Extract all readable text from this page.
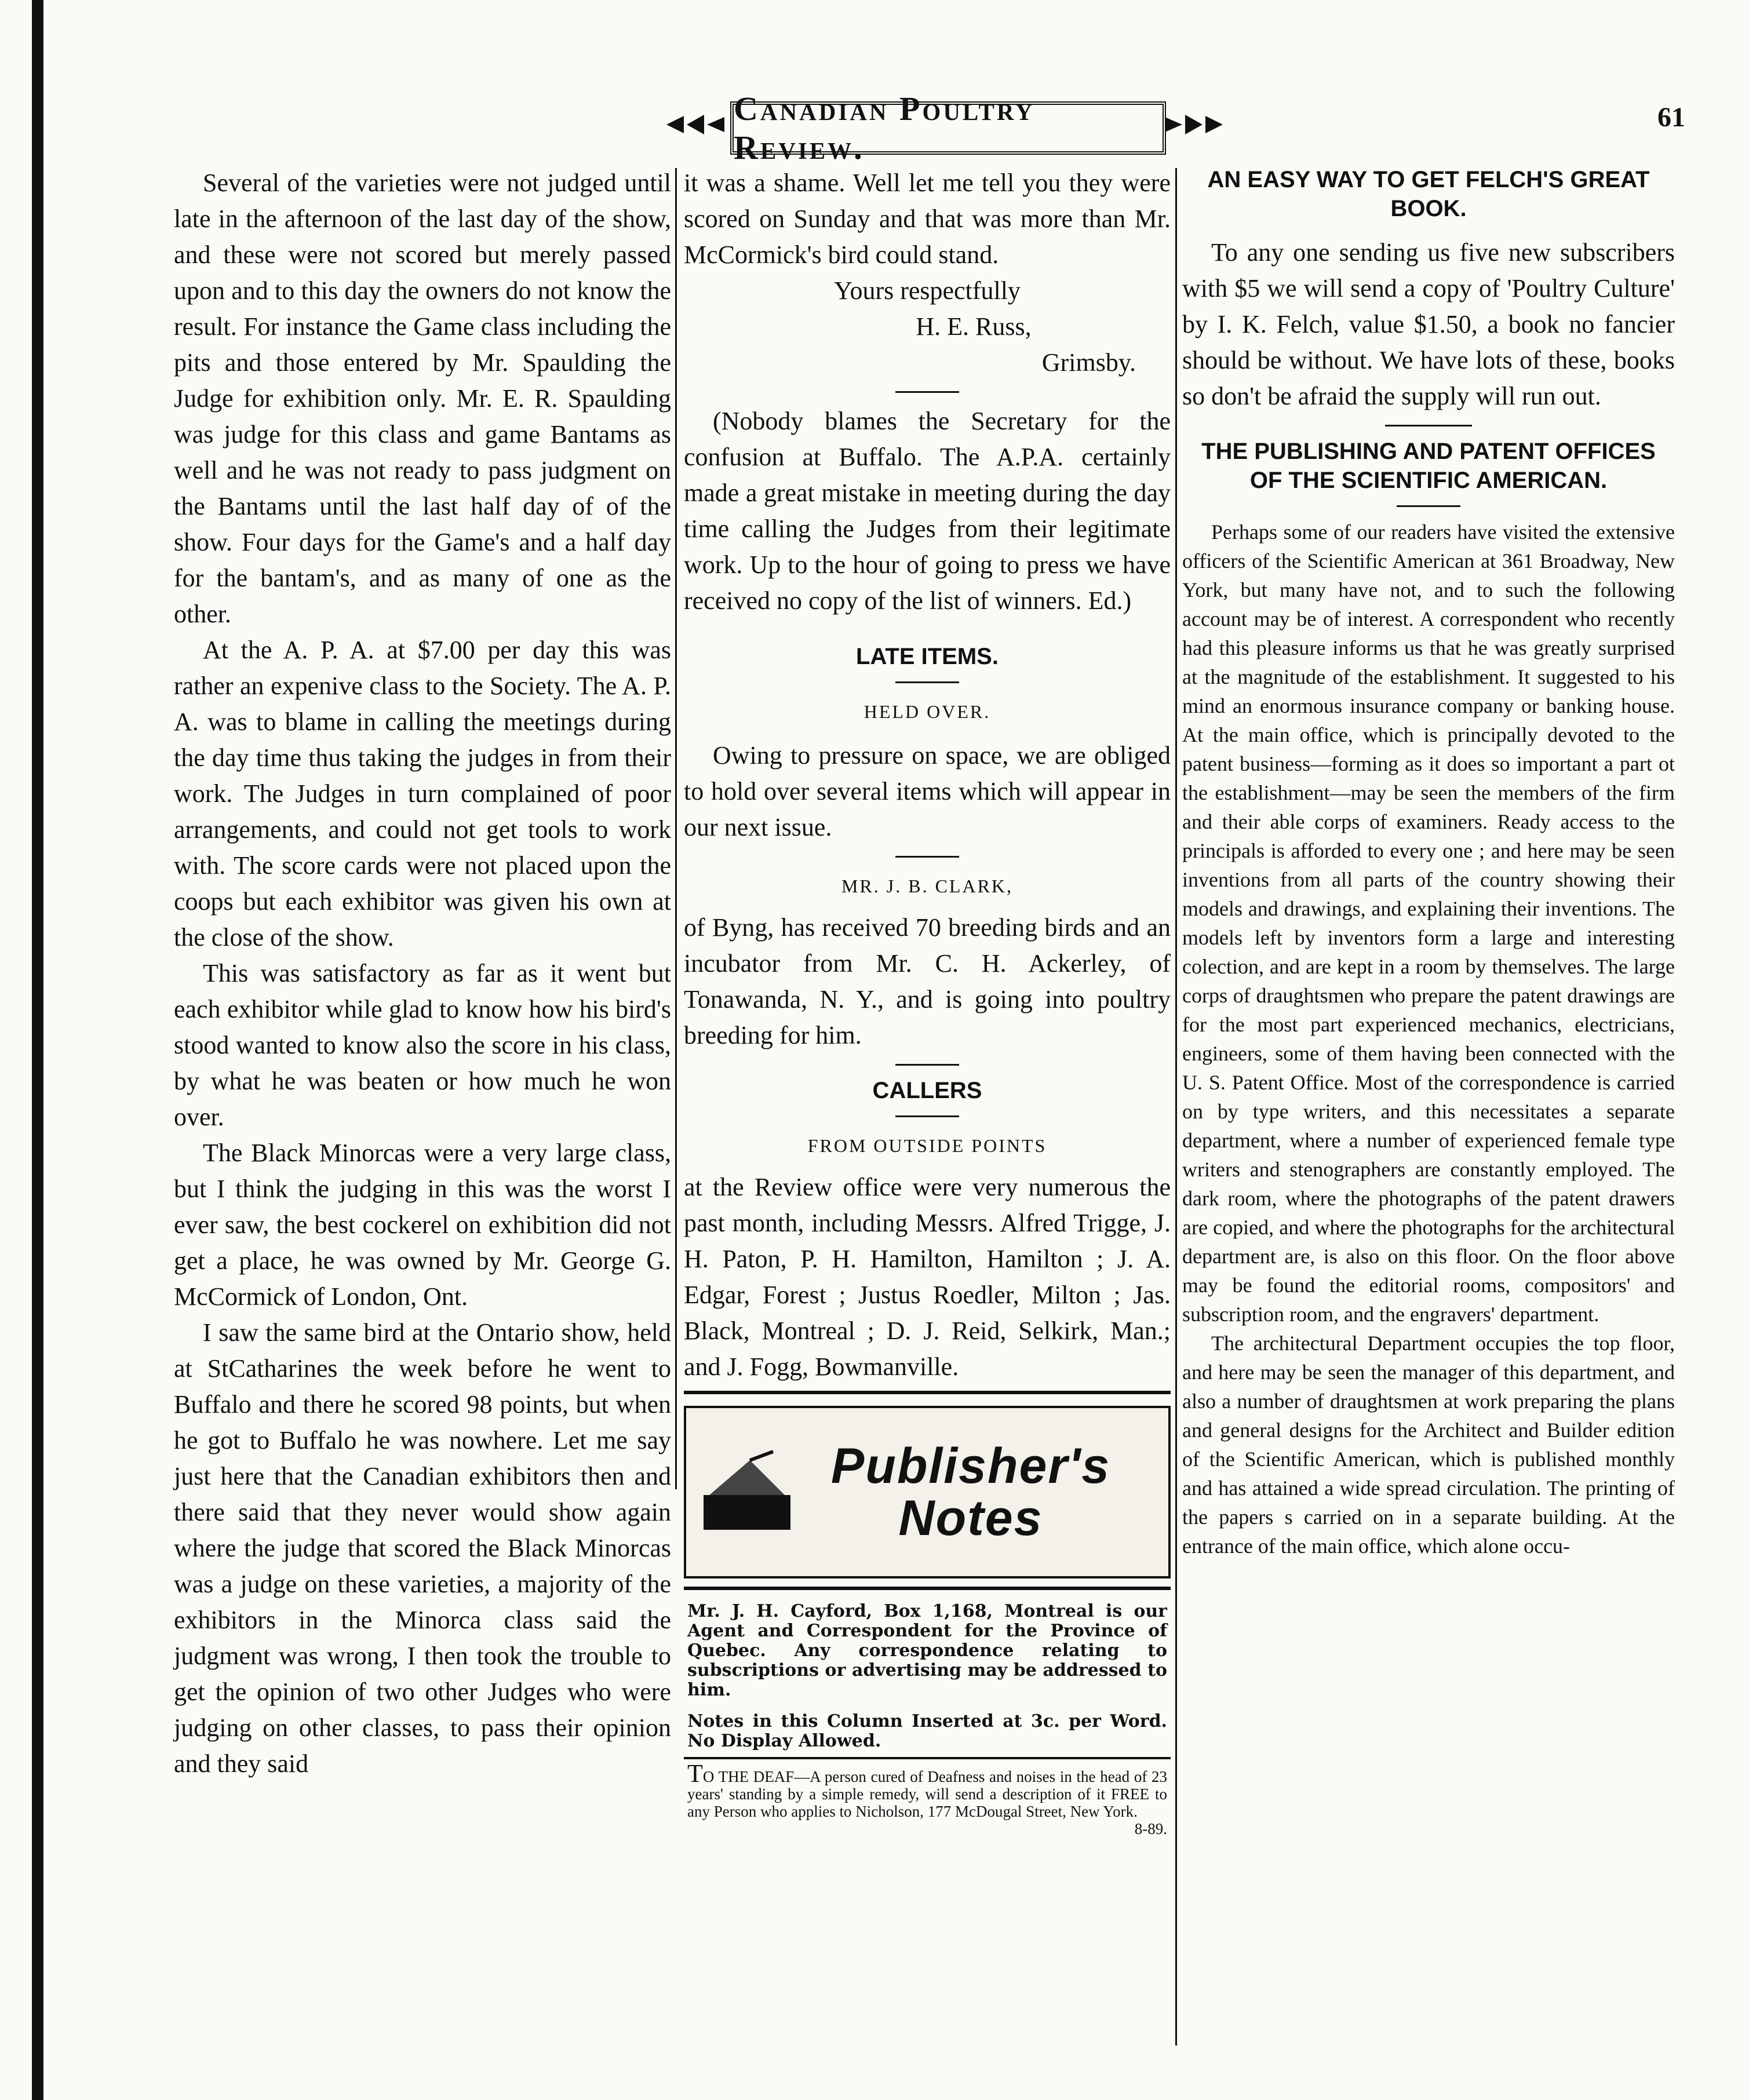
Canadian Poultry Review.
61

Several of the varieties were not judged until late in the afternoon of the last day of the show, and these were not scored but merely passed upon and to this day the owners do not know the result. For instance the Game class including the pits and those entered by Mr. Spaulding the Judge for exhibition only. Mr. E. R. Spaulding was judge for this class and game Bantams as well and he was not ready to pass judgment on the Bantams until the last half day of of the show. Four days for the Game's and a half day for the bantam's, and as many of one as the other.

At the A. P. A. at $7.00 per day this was rather an expenive class to the Society. The A. P. A. was to blame in calling the meetings during the day time thus taking the judges in from their work. The Judges in turn complained of poor arrangements, and could not get tools to work with. The score cards were not placed upon the coops but each exhibitor was given his own at the close of the show.

This was satisfactory as far as it went but each exhibitor while glad to know how his bird's stood wanted to know also the score in his class, by what he was beaten or how much he won over.

The Black Minorcas were a very large class, but I think the judging in this was the worst I ever saw, the best cockerel on exhibition did not get a place, he was owned by Mr. George G. McCormick of London, Ont.

I saw the same bird at the Ontario show, held at StCatharines the week before he went to Buffalo and there he scored 98 points, but when he got to Buffalo he was nowhere. Let me say just here that the Canadian exhibitors then and there said that they never would show again where the judge that scored the Black Minorcas was a judge on these varieties, a majority of the exhibitors in the Minorca class said the judgment was wrong, I then took the trouble to get the opinion of two other Judges who were judging on other classes, to pass their opinion and they said

it was a shame. Well let me tell you they were scored on Sunday and that was more than Mr. McCormick's bird could stand.

Yours respectfully

H. E. Russ,

Grimsby.

(Nobody blames the Secretary for the confusion at Buffalo. The A.P.A. certainly made a great mistake in meeting during the day time calling the Judges from their legitimate work. Up to the hour of going to press we have received no copy of the list of winners. Ed.)

LATE ITEMS.
HELD OVER.

Owing to pressure on space, we are obliged to hold over several items which will appear in our next issue.

MR. J. B. CLARK,

of Byng, has received 70 breeding birds and an incubator from Mr. C. H. Ackerley, of Tonawanda, N. Y., and is going into poultry breeding for him.

CALLERS
FROM OUTSIDE POINTS

at the Review office were very numerous the past month, including Messrs. Alfred Trigge, J. H. Paton, P. H. Hamilton, Hamilton ; J. A. Edgar, Forest ; Justus Roedler, Milton ; Jas. Black, Montreal ; D. J. Reid, Selkirk, Man.; and J. Fogg, Bowmanville.

Publisher's Notes
Mr. J. H. Cayford, Box 1,168, Montreal is our Agent and Correspondent for the Province of Quebec. Any correspondence relating to subscriptions or advertising may be addressed to him.
Notes in this Column Inserted at 3c. per Word. No Display Allowed.
TO THE DEAF—A person cured of Deafness and noises in the head of 23 years' standing by a simple remedy, will send a description of it FREE to any Person who applies to Nicholson, 177 McDougal Street, New York.
8-89.
AN EASY WAY TO GET FELCH'S GREAT BOOK.

To any one sending us five new subscribers with $5 we will send a copy of 'Poultry Culture' by I. K. Felch, value $1.50, a book no fancier should be without. We have lots of these, books so don't be afraid the supply will run out.

THE PUBLISHING AND PATENT OFFICES OF THE SCIENTIFIC AMERICAN.

Perhaps some of our readers have visited the extensive officers of the Scientific American at 361 Broadway, New York, but many have not, and to such the following account may be of interest. A correspondent who recently had this pleasure informs us that he was greatly surprised at the magnitude of the establishment. It suggested to his mind an enormous insurance company or banking house. At the main office, which is principally devoted to the patent business—forming as it does so important a part ot the establishment—may be seen the members of the firm and their able corps of examiners. Ready access to the principals is afforded to every one ; and here may be seen inventions from all parts of the country showing their models and drawings, and explaining their inventions. The models left by inventors form a large and interesting colection, and are kept in a room by themselves. The large corps of draughtsmen who prepare the patent drawings are for the most part experienced mechanics, electricians, engineers, some of them having been connected with the U. S. Patent Office. Most of the correspondence is carried on by type writers, and this necessitates a separate department, where a number of experienced female type writers and stenographers are constantly employed. The dark room, where the photographs of the patent drawers are copied, and where the photographs for the architectural department are, is also on this floor. On the floor above may be found the editorial rooms, compositors' and subscription room, and the engravers' department.

The architectural Department occupies the top floor, and here may be seen the manager of this department, and also a number of draughtsmen at work preparing the plans and general designs for the Architect and Builder edition of the Scientific American, which is published monthly and has attained a wide spread circulation. The printing of the papers s carried on in a separate building. At the entrance of the main office, which alone occu-
